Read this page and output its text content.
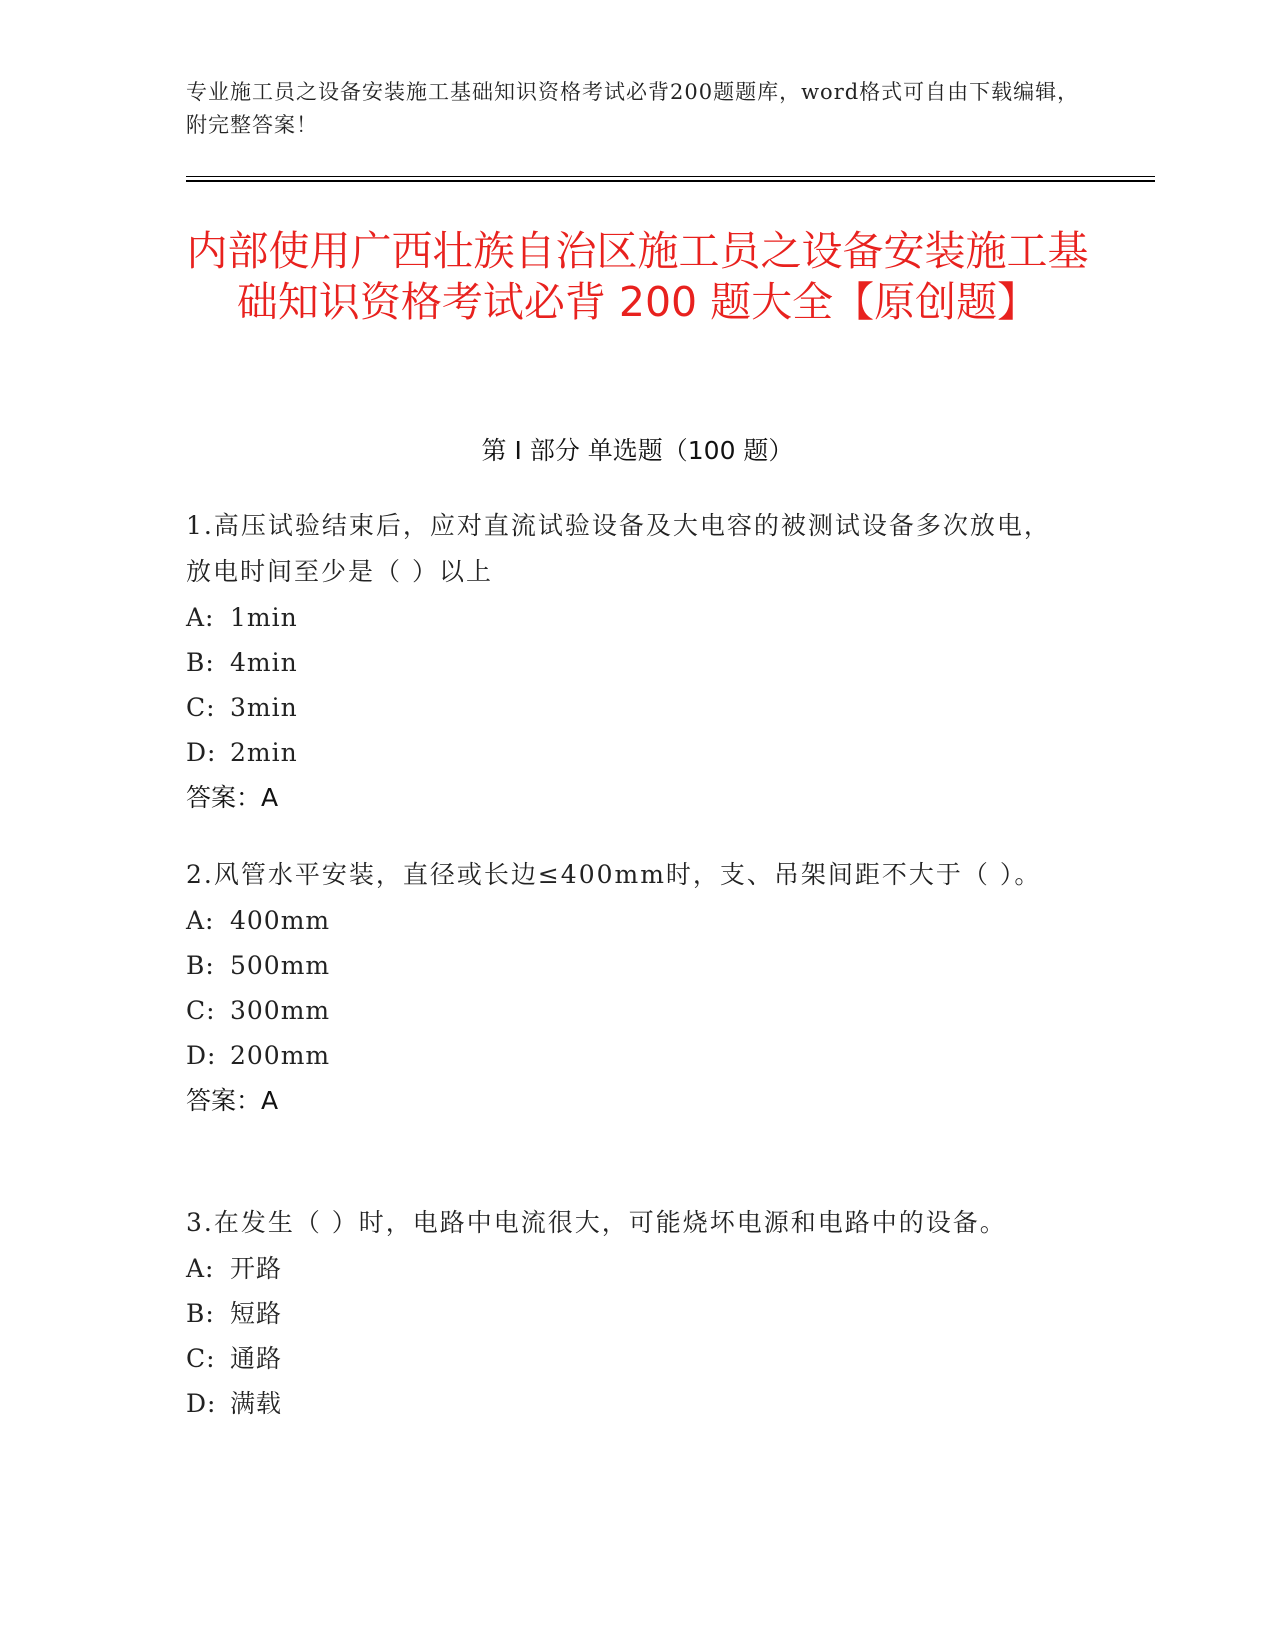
专业施工员之设备安装施工基础知识资格考试必背200题题库，word格式可自由下载编辑，附完整答案！
内部使用广西壮族自治区施工员之设备安装施工基础知识资格考试必背 200 题大全【原创题】
第 I 部分 单选题（100 题）
1.高压试验结束后，应对直流试验设备及大电容的被测试设备多次放电，放电时间至少是（ ）以上
A: 1min
B: 4min
C: 3min
D: 2min
答案：A
2.风管水平安装，直径或长边≤400mm时，支、吊架间距不大于（ ）。
A: 400mm
B: 500mm
C: 300mm
D: 200mm
答案：A
3.在发生（ ）时，电路中电流很大，可能烧坏电源和电路中的设备。
A: 开路
B: 短路
C: 通路
D: 满载
